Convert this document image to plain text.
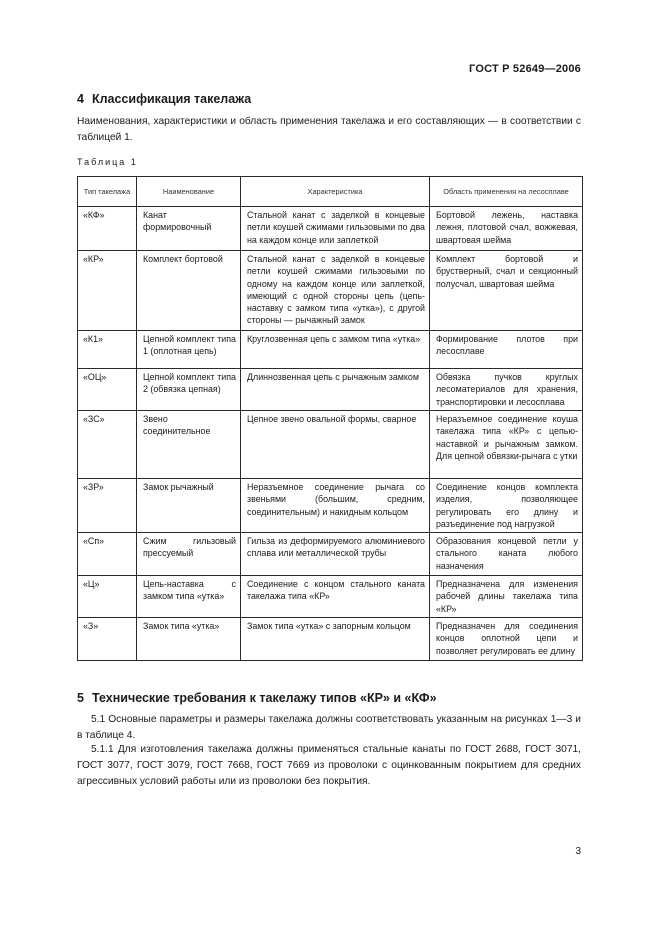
ГОСТ Р 52649—2006
4 Классификация такелажа
Наименования, характеристики и область применения такелажа и его составляющих — в соответствии с таблицей 1.
Таблица 1
Тип такелажа	Наименование	Характеристика	Область применения на лесосплаве
«КФ»	Канат формировочный	Стальной канат с заделкой в концевые петли коушей сжимами гильзовыми по два на каждом конце или заплеткой	Бортовой лежень, наставка лежня, плотовой счал, вожжевая, швартовая шейма
«КР»	Комплект бортовой	Стальной канат с заделкой в концевые петли коушей сжимами гильзовыми по одному на каждом конце или заплеткой, имеющий с одной стороны цепь (цепь-наставку с замком типа «утка»), с другой стороны — рычажный замок	Комплект бортовой и брустверный, счал и секционный полусчал, швартовая шейма
«К1»	Цепной комплект типа 1 (оплотная цепь)	Круглозвенная цепь с замком типа «утка»	Формирование плотов при лесосплаве
«ОЦ»	Цепной комплект типа 2 (обвязка цепная)	Длиннозвенная цепь с рычажным замком	Обвязка пучков круглых лесоматериалов для хранения, транспортировки и лесосплава
«ЗС»	Звено соединительное	Цепное звено овальной формы, сварное	Неразъемное соединение коуша такелажа типа «КР» с цепью-наставкой и рычажным замком. Для цепной обвязки-рычага с утки
«ЗР»	Замок рычажный	Неразъемное соединение рычага со звеньями (большим, средним, соединительным) и накидным кольцом	Соединение концов комплекта изделия, позволяющее регулировать его длину и разъединение под нагрузкой
«Сп»	Сжим гильзовый прессуемый	Гильза из деформируемого алюминиевого сплава или металлической трубы	Образования концевой петли у стального каната любого назначения
«Ц»	Цепь-наставка с замком типа «утка»	Соединение с концом стального каната такелажа типа «КР»	Предназначена для изменения рабочей длины такелажа типа «КР»
«З»	Замок типа «утка»	Замок типа «утка» с запорным кольцом	Предназначен для соединения концов оплотной цепи и позволяет регулировать ее длину
5 Технические требования к такелажу типов «КР» и «КФ»
5.1 Основные параметры и размеры такелажа должны соответствовать указанным на рисунках 1—3 и в таблице 4.
5.1.1 Для изготовления такелажа должны применяться стальные канаты по ГОСТ 2688, ГОСТ 3071, ГОСТ 3077, ГОСТ 3079, ГОСТ 7668, ГОСТ 7669 из проволоки с оцинкованным покрытием для средних агрессивных условий работы или из проволоки без покрытия.
3
